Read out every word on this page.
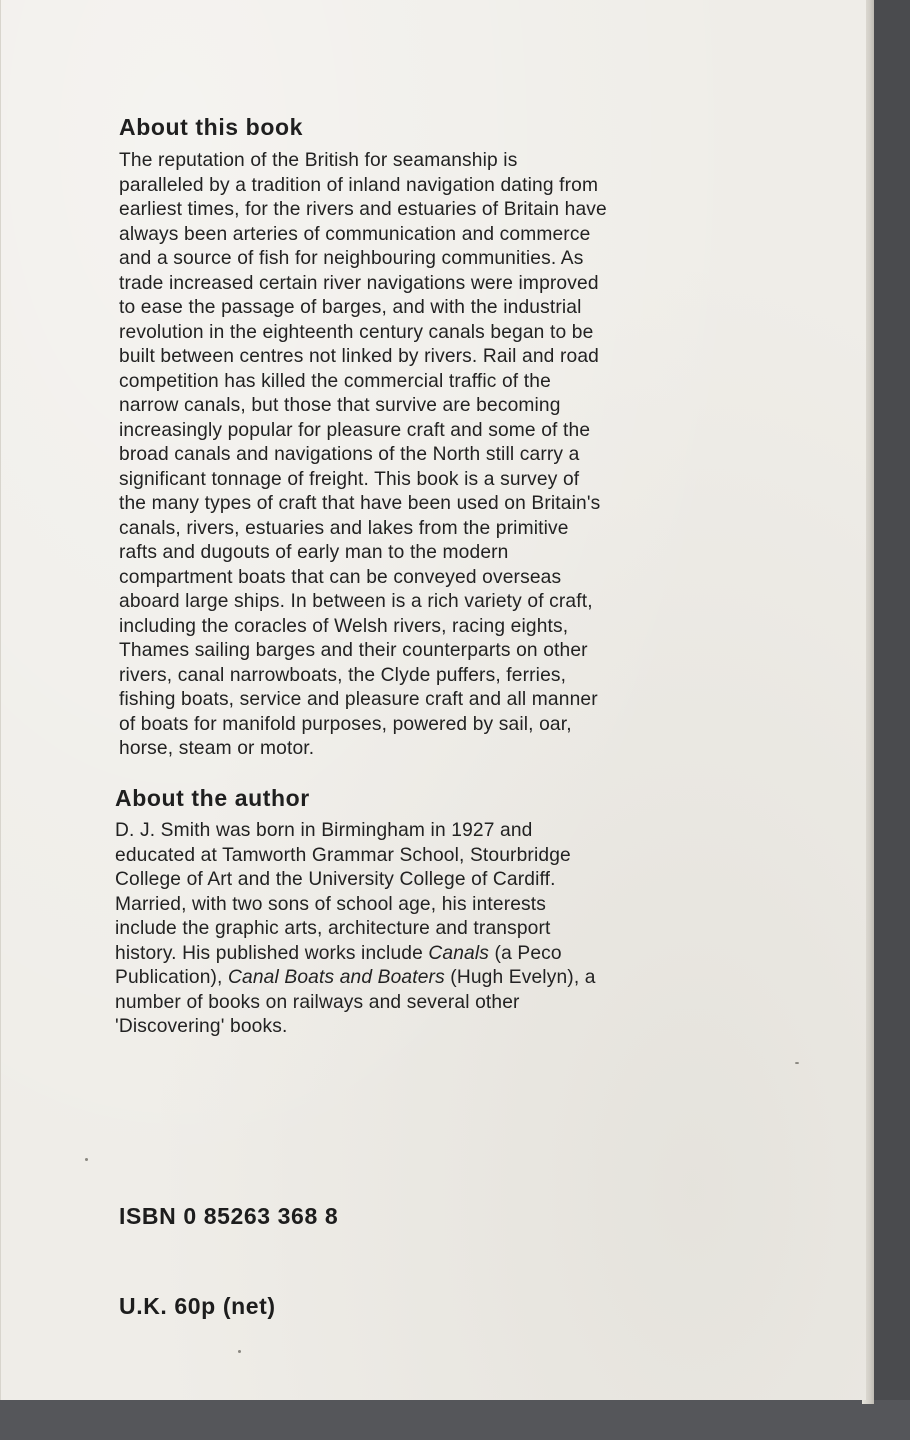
About this book

The reputation of the British for seamanship is
paralleled by a tradition of inland navigation dating from
earliest times, for the rivers and estuaries of Britain have
always been arteries of communication and commerce
and a source of fish for neighbouring communities. As
trade increased certain river navigations were improved
to ease the passage of barges, and with the industrial
revolution in the eighteenth century canals began to be
built between centres not linked by rivers. Rail and road
competition has killed the commercial traffic of the
narrow canals, but those that survive are becoming
increasingly popular for pleasure craft and some of the
broad canals and navigations of the North still carry a
significant tonnage of freight. This book is a survey of
the many types of craft that have been used on Britain's
canals, rivers, estuaries and lakes from the primitive
rafts and dugouts of early man to the modern
compartment boats that can be conveyed overseas
aboard large ships. In between is a rich variety of craft,
including the coracles of Welsh rivers, racing eights,
Thames sailing barges and their counterparts on other
rivers, canal narrowboats, the Clyde puffers, ferries,
fishing boats, service and pleasure craft and all manner
of boats for manifold purposes, powered by sail, oar,
horse, steam or motor.

About the author

D. J. Smith was born in Birmingham in 1927 and
educated at Tamworth Grammar School, Stourbridge
College of Art and the University College of Cardiff.
Married, with two sons of school age, his interests
include the graphic arts, architecture and transport
history. His published works include Canals (a Peco
Publication), Canal Boats and Boaters (Hugh Evelyn), a
number of books on railways and several other
'Discovering' books.

ISBN 0 85263 368 8

U.K. 60p (net)
